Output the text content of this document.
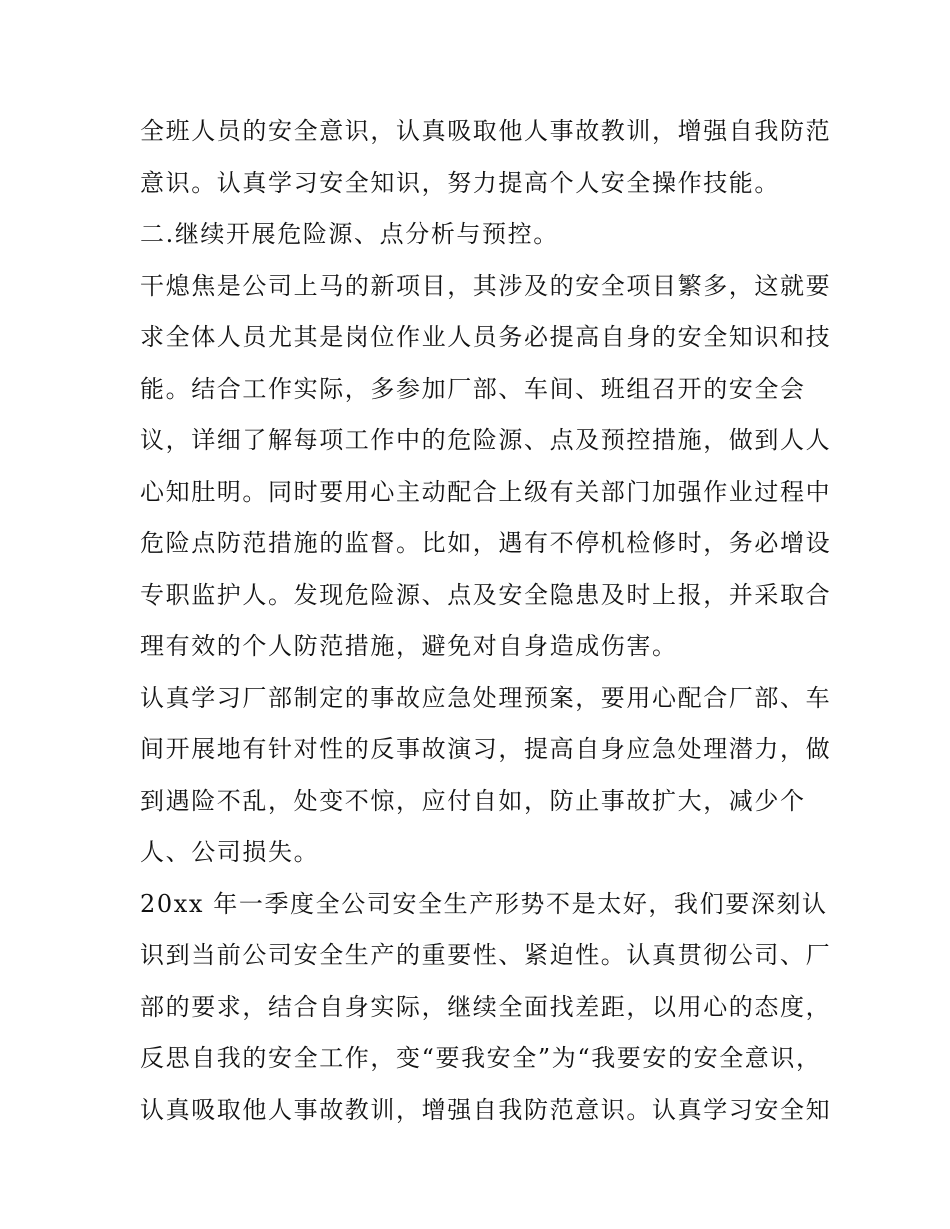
全班人员的安全意识，认真吸取他人事故教训，增强自我防范
意识。认真学习安全知识，努力提高个人安全操作技能。
二.继续开展危险源、点分析与预控。
干熄焦是公司上马的新项目，其涉及的安全项目繁多，这就要
求全体人员尤其是岗位作业人员务必提高自身的安全知识和技
能。结合工作实际，多参加厂部、车间、班组召开的安全会
议，详细了解每项工作中的危险源、点及预控措施，做到人人
心知肚明。同时要用心主动配合上级有关部门加强作业过程中
危险点防范措施的监督。比如，遇有不停机检修时，务必增设
专职监护人。发现危险源、点及安全隐患及时上报，并采取合
理有效的个人防范措施，避免对自身造成伤害。
认真学习厂部制定的事故应急处理预案，要用心配合厂部、车
间开展地有针对性的反事故演习，提高自身应急处理潜力，做
到遇险不乱，处变不惊，应付自如，防止事故扩大，减少个
人、公司损失。
20xx 年一季度全公司安全生产形势不是太好，我们要深刻认
识到当前公司安全生产的重要性、紧迫性。认真贯彻公司、厂
部的要求，结合自身实际，继续全面找差距，以用心的态度，
反思自我的安全工作，变“要我安全”为“我要安的安全意识，
认真吸取他人事故教训，增强自我防范意识。认真学习安全知
